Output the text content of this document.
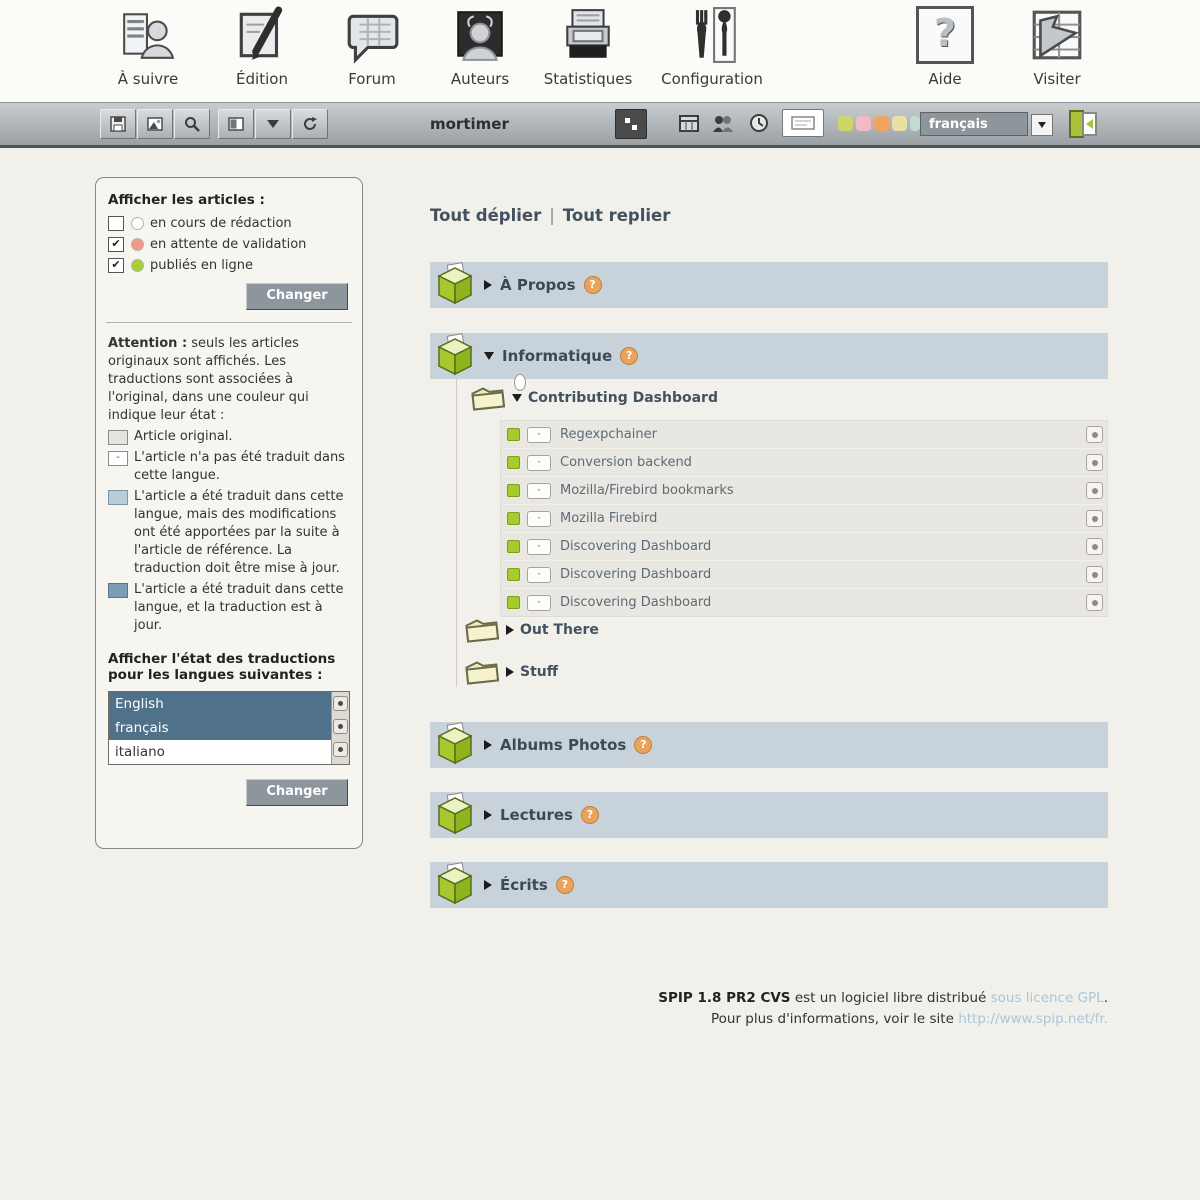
À suivre	Édition	Forum	Auteurs	Statistiques	Configuration
?
Aide	Visiter
mortimer	français
Afficher les articles :
en cours de rédaction
✔ en attente de validation
✔ publiés en ligne
Changer
Attention : seuls les articles originaux sont affichés. Les traductions sont associées à l'original, dans une couleur qui indique leur état :
Article original.
-	L'article n'a pas été traduit dans cette langue.
L'article a été traduit dans cette langue, mais des modifications ont été apportées par la suite à l'article de référence. La traduction doit être mise à jour.
L'article a été traduit dans cette langue, et la traduction est à jour.
Afficher l'état des traductions pour les langues suivantes :
English
français
italiano
Changer
Tout déplier | Tout replier
À Propos	?
Informatique	?
Contributing Dashboard
-	Regexpchainer
-	Conversion backend
-	Mozilla/Firebird bookmarks
-	Mozilla Firebird
-	Discovering Dashboard
-	Discovering Dashboard
-	Discovering Dashboard
Out There
Stuff
Albums Photos	?
Lectures	?
Écrits	?
SPIP 1.8 PR2 CVS est un logiciel libre distribué sous licence GPL.
Pour plus d'informations, voir le site http://www.spip.net/fr.
